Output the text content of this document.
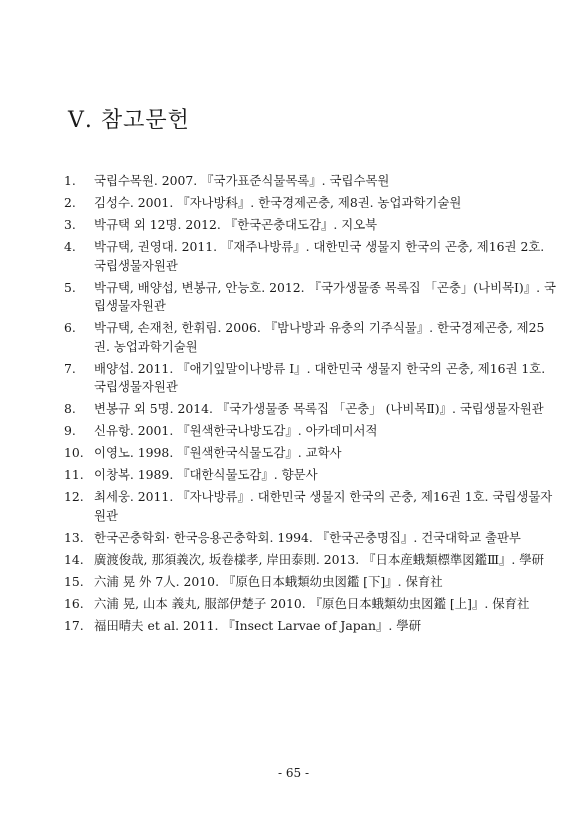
Ⅴ. 참고문헌
1.	국립수목원. 2007. 『국가표준식물목록』. 국립수목원
2.	김성수. 2001. 『자나방科』. 한국경제곤충, 제8권. 농업과학기술원
3.	박규택 외 12명. 2012. 『한국곤충대도감』. 지오북
4.	박규택, 권영대. 2011. 『재주나방류』. 대한민국 생물지 한국의 곤충, 제16권 2호. 국립생물자원관
5.	박규택, 배양섭, 변봉규, 안능호. 2012. 『국가생물종 목록집 「곤충」(나비목Ⅰ)』. 국립생물자원관
6.	박규택, 손재천, 한휘림. 2006. 『밤나방과 유충의 기주식물』. 한국경제곤충, 제25권. 농업과학기술원
7.	배양섭. 2011. 『애기잎말이나방류 Ⅰ』. 대한민국 생물지 한국의 곤충, 제16권 1호. 국립생물자원관
8.	변봉규 외 5명. 2014. 『국가생물종 목록집 「곤충」 (나비목Ⅱ)』. 국립생물자원관
9.	신유항. 2001. 『원색한국나방도감』. 아카데미서적
10. 이영노. 1998. 『원색한국식물도감』. 교학사
11. 이창복. 1989. 『대한식물도감』. 향문사
12. 최세웅. 2011. 『자나방류』. 대한민국 생물지 한국의 곤충, 제16권 1호. 국립생물자원관
13. 한국곤충학회· 한국응용곤충학회. 1994. 『한국곤충명집』. 건국대학교 출판부
14. 廣渡俊哉, 那須義次, 坂卷樣孝, 岸田泰則. 2013. 『日本産蛾類標準図鑑Ⅲ』. 學研
15. 六浦 晃 外 7人. 2010. 『原色日本蛾類幼虫図鑑 [下]』. 保育社
16. 六浦 晃, 山本 義丸, 服部伊楚子 2010. 『原色日本蛾類幼虫図鑑 [上]』. 保育社
17. 福田晴夫 et al. 2011. 『Insect Larvae of Japan』. 學研
- 65 -
